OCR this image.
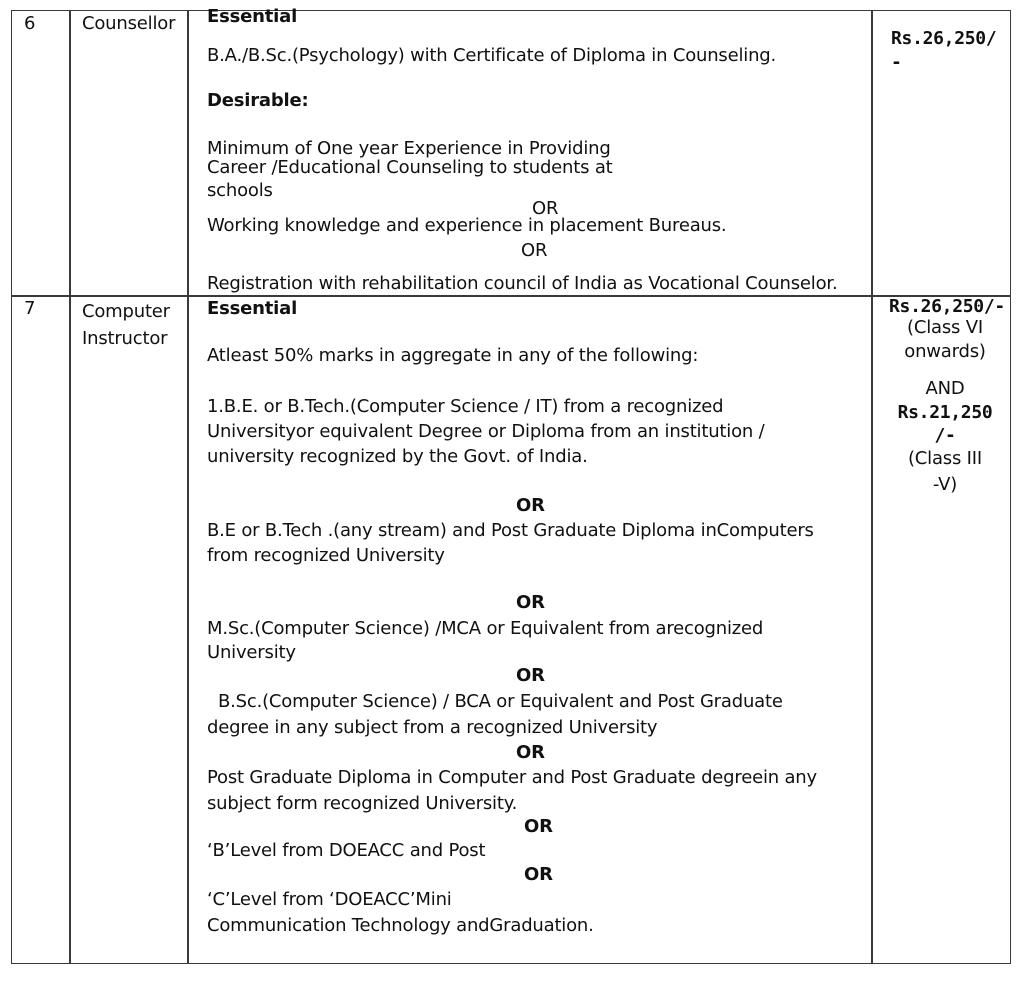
6	Counsellor Essential
B.A./B.Sc.(Psychology) with Certificate of Diploma in Counseling.
Desirable:
Minimum of One year Experience in Providing
Career /Educational Counseling to students at
schools
OR
Working knowledge and experience in placement Bureaus.
OR
Registration with rehabilitation council of India as Vocational Counselor.
Rs.26,250/
-
7	Computer
Instructor
Essential
Atleast 50% marks in aggregate in any of the following:
1.B.E. or B.Tech.(Computer Science / IT) from a recognized
Universityor equivalent Degree or Diploma from an institution /
university recognized by the Govt. of India.
OR
B.E or B.Tech .(any stream) and Post Graduate Diploma inComputers
from recognized University
OR
M.Sc.(Computer Science) /MCA or Equivalent from arecognized
University
OR
B.Sc.(Computer Science) / BCA or Equivalent and Post Graduate
degree in any subject from a recognized University
OR
Post Graduate Diploma in Computer and Post Graduate degreein any
subject form recognized University.
OR
‘B’Level from DOEACC and Post
OR
‘C’Level from ‘DOEACC’Mini
Communication Technology andGraduation.
Rs.26,250/-
(Class VI
onwards)
AND
Rs.21,250
/-
(Class III
-V)
